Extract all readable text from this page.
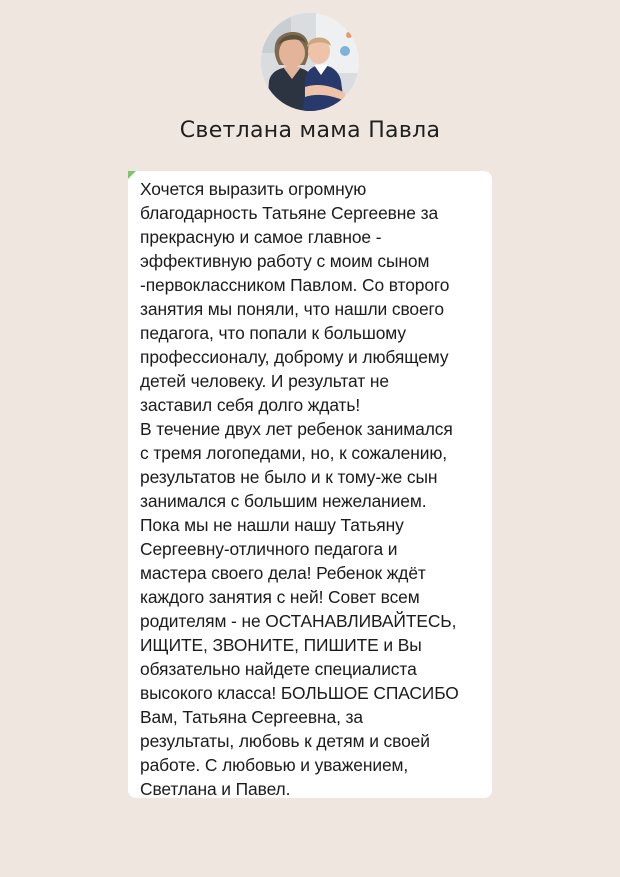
Светлана мама Павла

Хочется выразить огромную
благодарность Татьяне Сергеевне за
прекрасную и самое главное -
эффективную работу с моим сыном
-первоклассником Павлом. Со второго
занятия мы поняли, что нашли своего
педагога, что попали к большому
профессионалу, доброму и любящему
детей человеку. И результат не
заставил себя долго ждать!
В течение двух лет ребенок занимался
с тремя логопедами, но, к сожалению,
результатов не было и к тому-же сын
занимался с большим нежеланием.
Пока мы не нашли нашу Татьяну
Сергеевну-отличного педагога и
мастера своего дела! Ребенок ждёт
каждого занятия с ней! Совет всем
родителям - не ОСТАНАВЛИВАЙТЕСЬ,
ИЩИТЕ, ЗВОНИТЕ, ПИШИТЕ и Вы
обязательно найдете специалиста
высокого класса! БОЛЬШОЕ СПАСИБО
Вам, Татьяна Сергеевна, за
результаты, любовь к детям и своей
работе. С любовью и уважением,
Светлана и Павел.
